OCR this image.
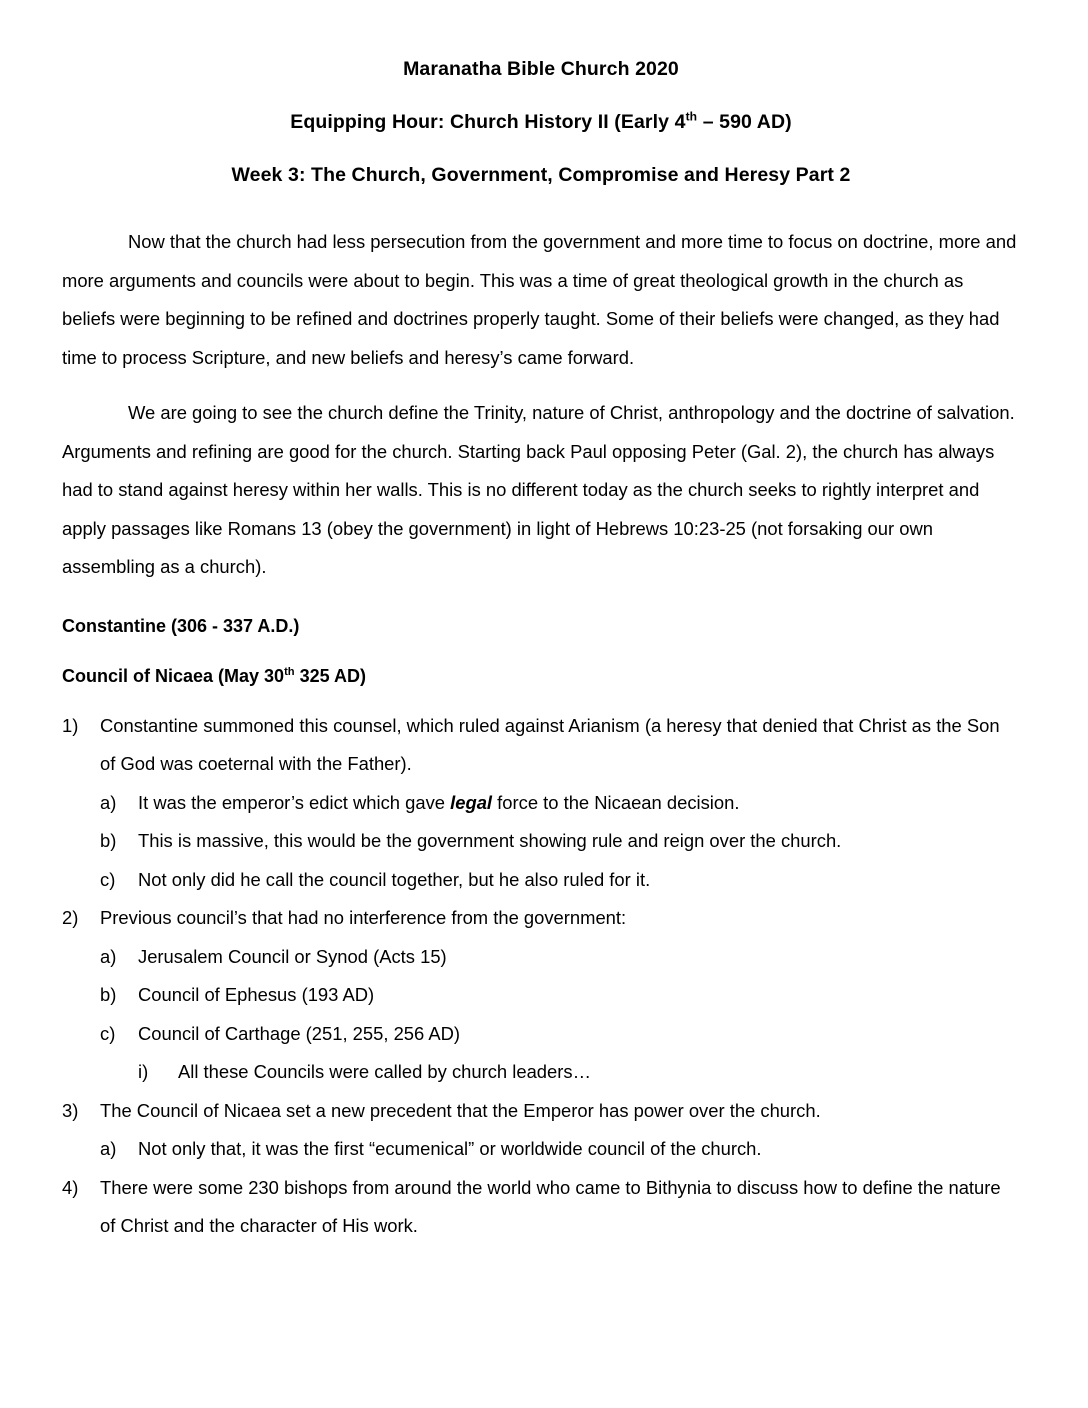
Maranatha Bible Church 2020
Equipping Hour: Church History II (Early 4th – 590 AD)
Week 3: The Church, Government, Compromise and Heresy Part 2

Now that the church had less persecution from the government and more time to focus on doctrine, more and more arguments and councils were about to begin. This was a time of great theological growth in the church as beliefs were beginning to be refined and doctrines properly taught. Some of their beliefs were changed, as they had time to process Scripture, and new beliefs and heresy’s came forward.

We are going to see the church define the Trinity, nature of Christ, anthropology and the doctrine of salvation. Arguments and refining are good for the church. Starting back Paul opposing Peter (Gal. 2), the church has always had to stand against heresy within her walls. This is no different today as the church seeks to rightly interpret and apply passages like Romans 13 (obey the government) in light of Hebrews 10:23-25 (not forsaking our own assembling as a church).

Constantine (306 - 337 A.D.)
Council of Nicaea (May 30th 325 AD)
1)	Constantine summoned this counsel, which ruled against Arianism (a heresy that denied that Christ as the Son of God was coeternal with the Father).
a)	It was the emperor’s edict which gave legal force to the Nicaean decision.
b)	This is massive, this would be the government showing rule and reign over the church.
c)	Not only did he call the council together, but he also ruled for it.
2)	Previous council’s that had no interference from the government:
a)	Jerusalem Council or Synod (Acts 15)
b)	Council of Ephesus (193 AD)
c)	Council of Carthage (251, 255, 256 AD)
i)	All these Councils were called by church leaders…
3)	The Council of Nicaea set a new precedent that the Emperor has power over the church.
a)	Not only that, it was the first “ecumenical” or worldwide council of the church.
4)	There were some 230 bishops from around the world who came to Bithynia to discuss how to define the nature of Christ and the character of His work.
